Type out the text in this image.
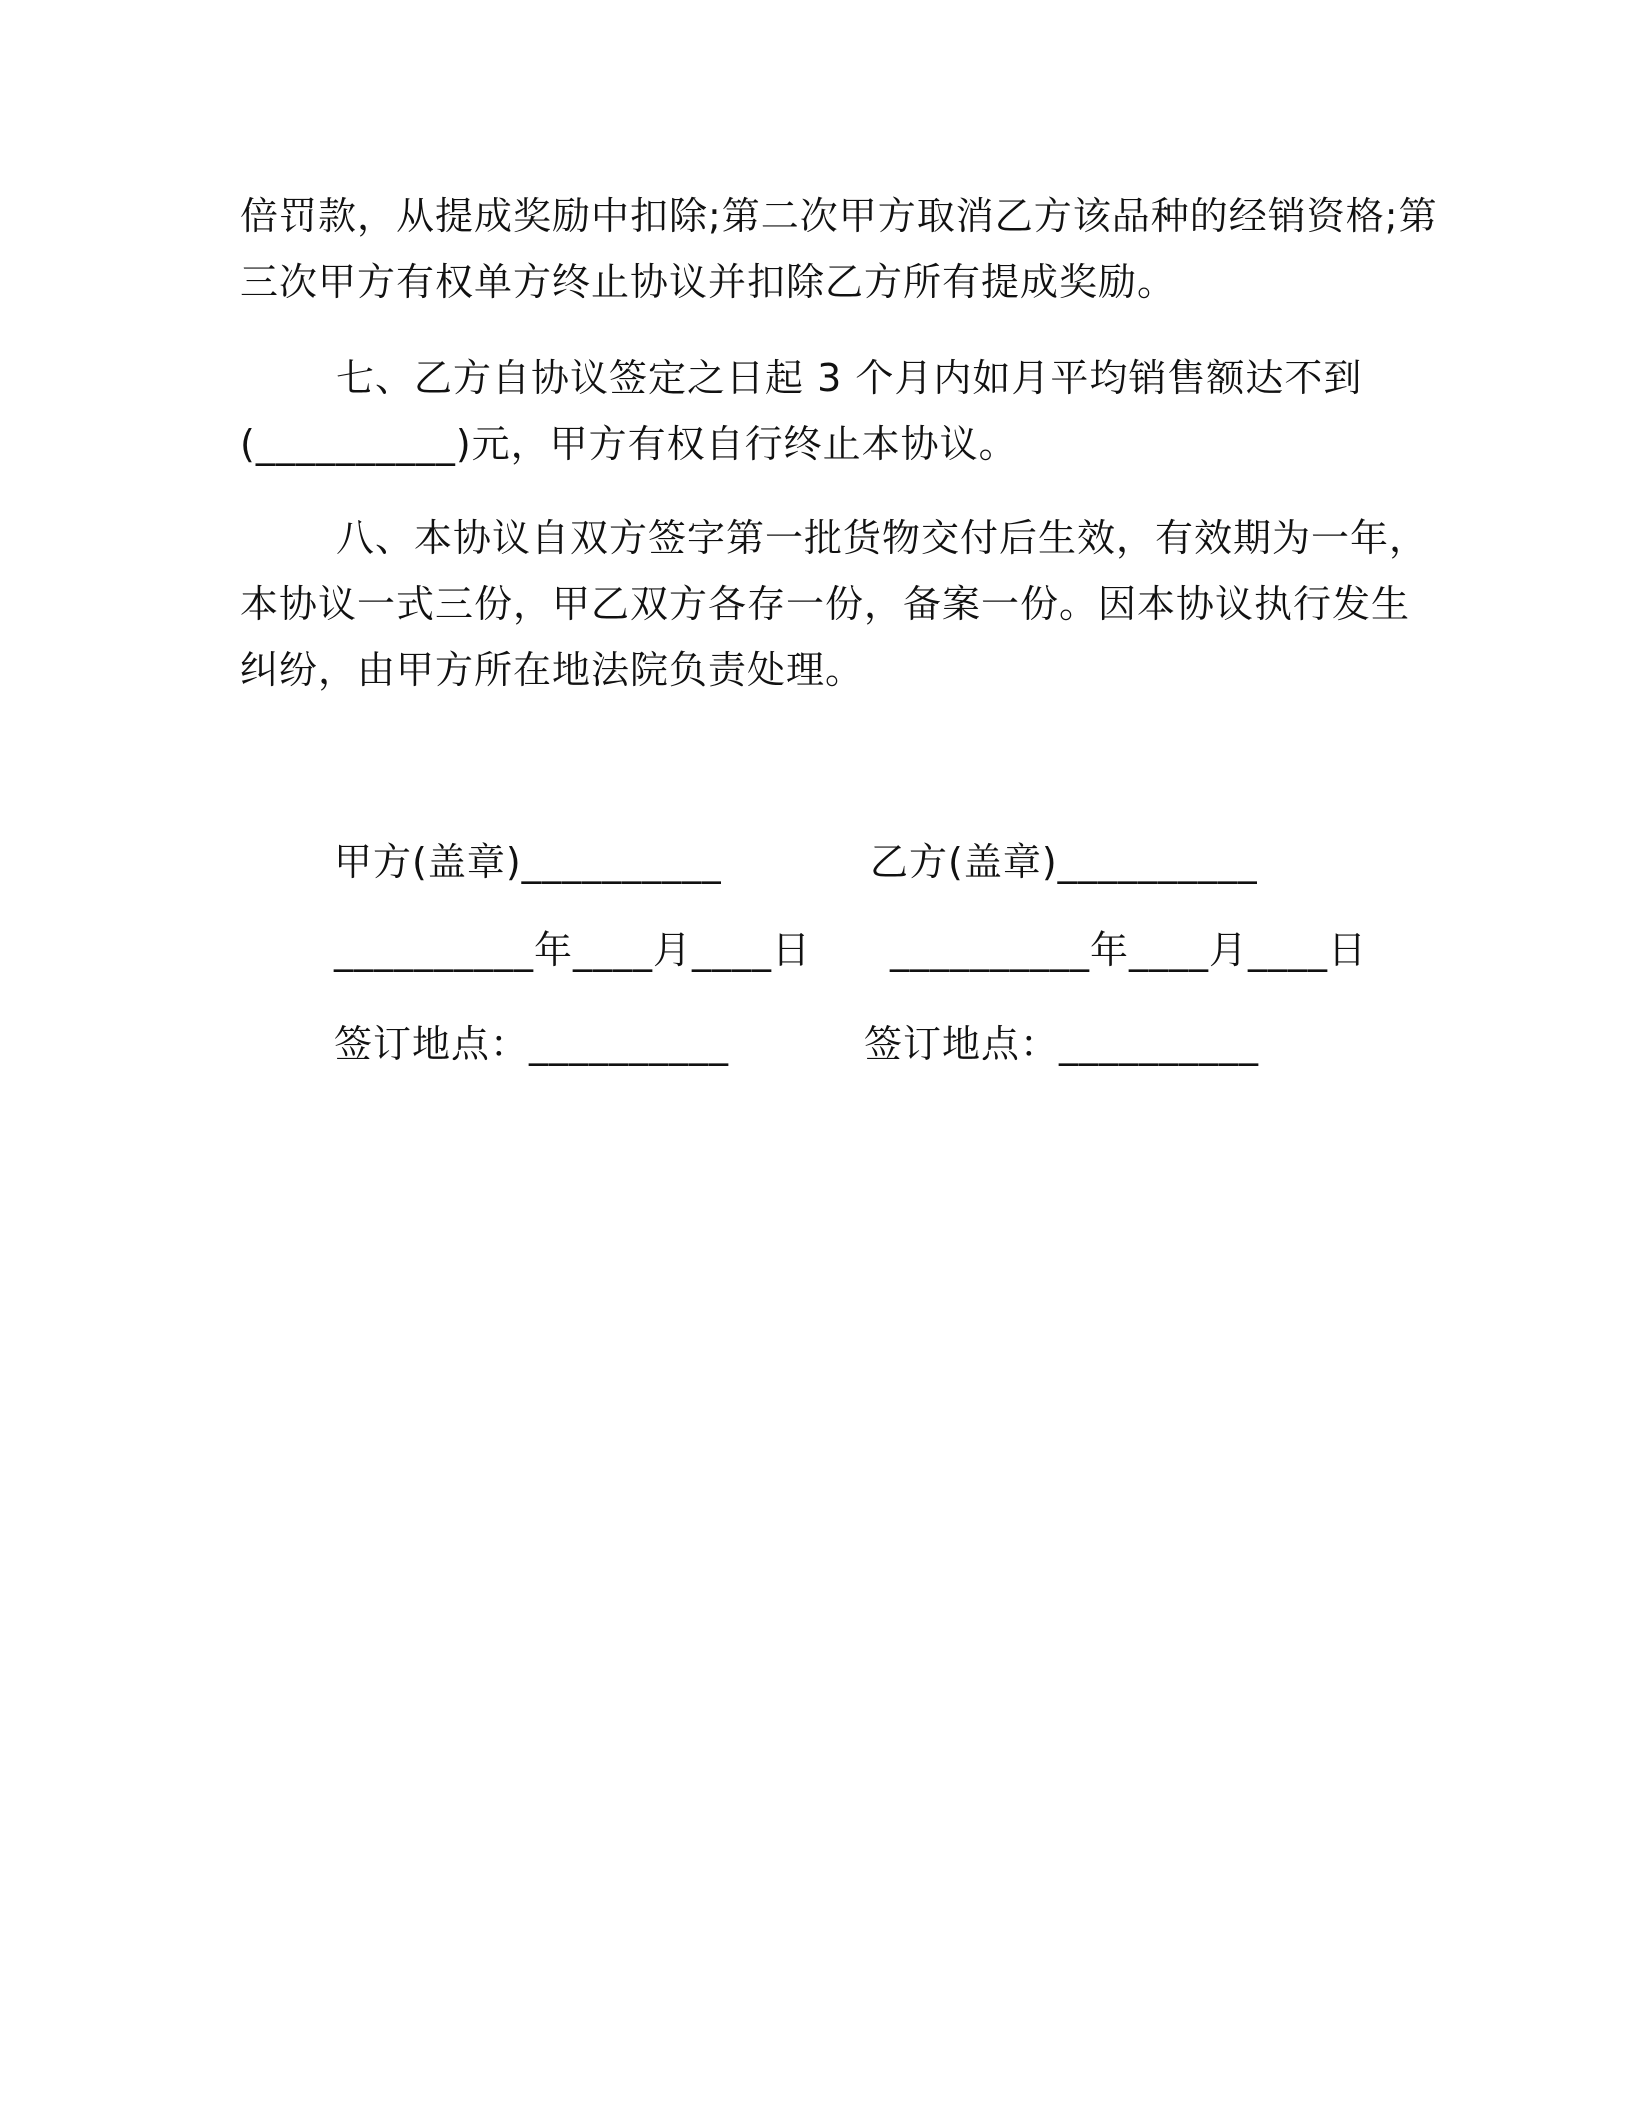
倍罚款，从提成奖励中扣除;第二次甲方取消乙方该品种的经销资格;第
三次甲方有权单方终止协议并扣除乙方所有提成奖励。
七、乙方自协议签定之日起 3 个月内如月平均销售额达不到
(__________)元，甲方有权自行终止本协议。
八、本协议自双方签字第一批货物交付后生效，有效期为一年，
本协议一式三份，甲乙双方各存一份，备案一份。因本协议执行发生
纠纷，由甲方所在地法院负责处理。
甲方(盖章)__________	乙方(盖章)__________
__________年____月____日 __________年____月____日
签订地点：__________	签订地点：__________
